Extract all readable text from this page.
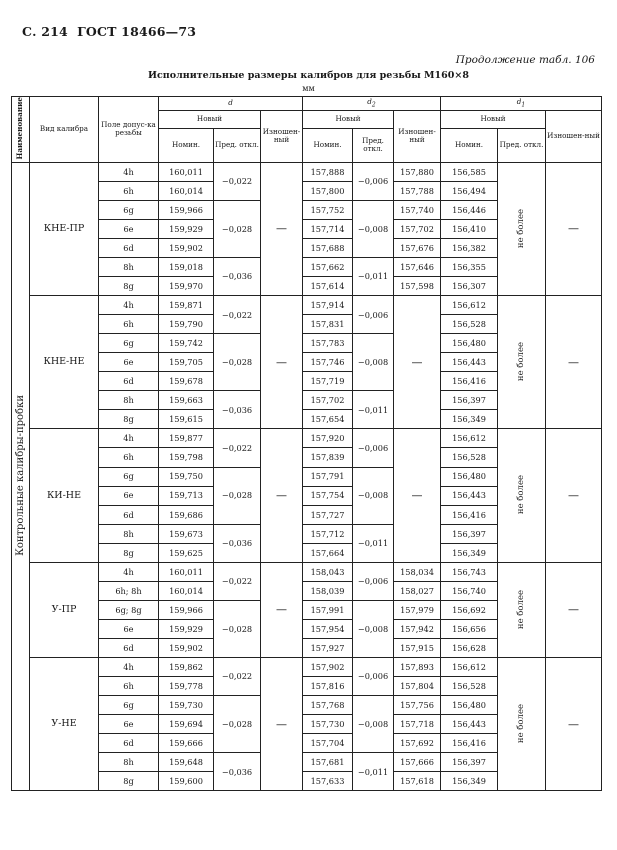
С. 214 ГОСТ 18466—73
Продолжение табл. 106
Исполнительные размеры калибров для резьбы М160×8
мм
Наименование	Вид калибра	Поле допус-ка резьбы	d			$d_2$			$d_1$
			Новый		Изношен-ный	Новый		Изношен-ный	Новый		Изношен-ный
			Номин.	Пред. откл.		Номин.	Пред. откл.		Номин.	Пред. откл.	
Контрольные калибры-пробки	КНЕ-ПР	4h	160,011	−0,022	—	157,888	−0,006	157,880	156,585	не более	—
		6h	160,014			157,800		157,788	156,494		
		6g	159,966	−0,028		157,752	−0,008	157,740	156,446		
		6e	159,929			157,714		157,702	156,410		
		6d	159,902			157,688		157,676	156,382		
		8h	159,018	−0,036		157,662	−0,011	157,646	156,355		
		8g	159,970			157,614		157,598	156,307		
	КНЕ-НЕ	4h	159,871	−0,022	—	157,914	−0,006	—	156,612	не более	—
		6h	159,790			157,831			156,528		
		6g	159,742	−0,028		157,783	−0,008		156,480		
		6e	159,705			157,746			156,443		
		6d	159,678			157,719			156,416		
		8h	159,663	−0,036		157,702	−0,011		156,397		
		8g	159,615			157,654			156,349		
	КИ-НЕ	4h	159,877	−0,022	—	157,920	−0,006	—	156,612	не более	—
		6h	159,798			157,839			156,528		
		6g	159,750	−0,028		157,791	−0,008		156,480		
		6e	159,713			157,754			156,443		
		6d	159,686			157,727			156,416		
		8h	159,673	−0,036		157,712	−0,011		156,397		
		8g	159,625			157,664			156,349		
	У-ПР	4h	160,011	−0,022	—	158,043	−0,006	158,034	156,743	не более	—
		6h; 8h	160,014			158,039		158,027	156,740		
		6g; 8g	159,966	−0,028		157,991	−0,008	157,979	156,692		
		6e	159,929			157,954		157,942	156,656		
		6d	159,902			157,927		157,915	156,628		
	У-НЕ	4h	159,862	−0,022	—	157,902	−0,006	157,893	156,612	не более	—
		6h	159,778			157,816		157,804	156,528		
		6g	159,730	−0,028		157,768	−0,008	157,756	156,480		
		6e	159,694			157,730		157,718	156,443		
		6d	159,666			157,704		157,692	156,416		
		8h	159,648	−0,036		157,681	−0,011	157,666	156,397		
		8g	159,600			157,633		157,618	156,349		
